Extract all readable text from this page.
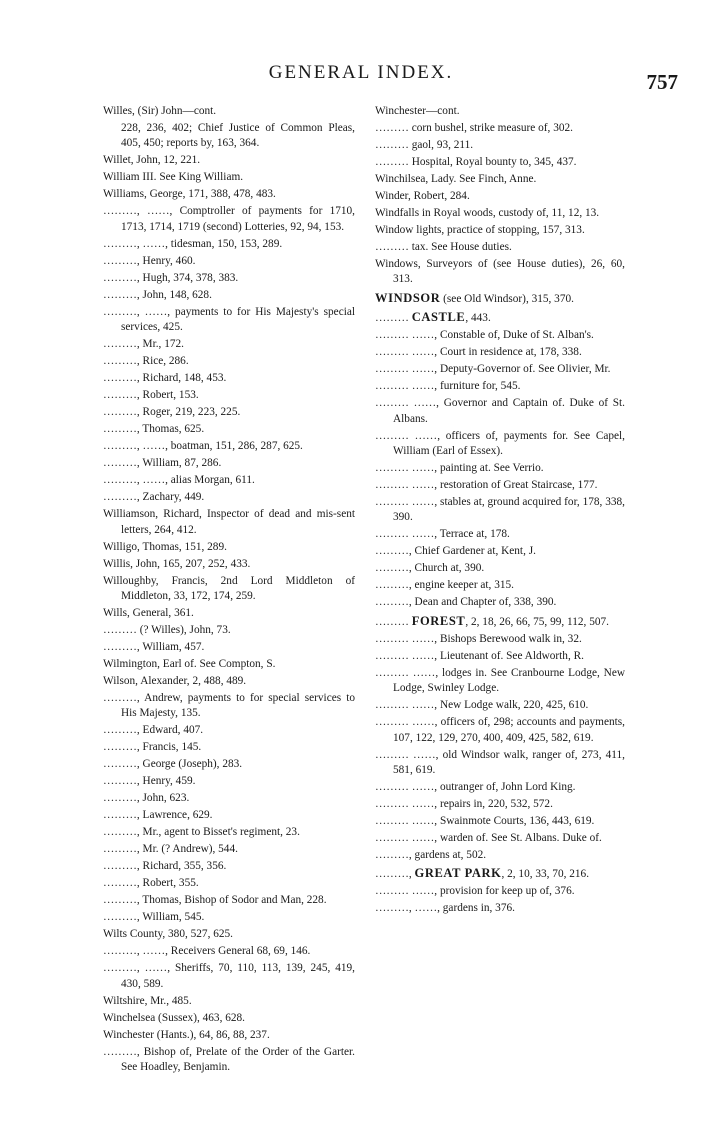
GENERAL INDEX.	757
Willes, (Sir) John—cont.
228, 236, 402; Chief Justice of Common Pleas, 405, 450; reports by, 163, 364.
Willet, John, 12, 221.
William III. See King William.
Williams, George, 171, 388, 478, 483.
………, ……, Comptroller of payments for 1710, 1713, 1714, 1719 (second) Lotteries, 92, 94, 153.
………, ……, tidesman, 150, 153, 289.
………, Henry, 460.
………, Hugh, 374, 378, 383.
………, John, 148, 628.
………, ……, payments to for His Majesty's special services, 425.
………, Mr., 172.
………, Rice, 286.
………, Richard, 148, 453.
………, Robert, 153.
………, Roger, 219, 223, 225.
………, Thomas, 625.
………, ……, boatman, 151, 286, 287, 625.
………, William, 87, 286.
………, ……, alias Morgan, 611.
………, Zachary, 449.
Williamson, Richard, Inspector of dead and mis-sent letters, 264, 412.
Willigo, Thomas, 151, 289.
Willis, John, 165, 207, 252, 433.
Willoughby, Francis, 2nd Lord Middleton of Middleton, 33, 172, 174, 259.
Wills, General, 361.
……… (? Willes), John, 73.
………, William, 457.
Wilmington, Earl of. See Compton, S.
Wilson, Alexander, 2, 488, 489.
………, Andrew, payments to for special services to His Majesty, 135.
………, Edward, 407.
………, Francis, 145.
………, George (Joseph), 283.
………, Henry, 459.
………, John, 623.
………, Lawrence, 629.
………, Mr., agent to Bisset's regiment, 23.
………, Mr. (? Andrew), 544.
………, Richard, 355, 356.
………, Robert, 355.
………, Thomas, Bishop of Sodor and Man, 228.
………, William, 545.
Wilts County, 380, 527, 625.
………, ……, Receivers General 68, 69, 146.
………, ……, Sheriffs, 70, 110, 113, 139, 245, 419, 430, 589.
Wiltshire, Mr., 485.
Winchelsea (Sussex), 463, 628.
Winchester (Hants.), 64, 86, 88, 237.
………, Bishop of, Prelate of the Order of the Garter. See Hoadley, Benjamin.
Winchester—cont.
……… corn bushel, strike measure of, 302.
……… gaol, 93, 211.
……… Hospital, Royal bounty to, 345, 437.
Winchilsea, Lady. See Finch, Anne.
Winder, Robert, 284.
Windfalls in Royal woods, custody of, 11, 12, 13.
Window lights, practice of stopping, 157, 313.
……… tax. See House duties.
Windows, Surveyors of (see House duties), 26, 60, 313.
WINDSOR (see Old Windsor), 315, 370.
……… CASTLE, 443.
……… ……, Constable of, Duke of St. Alban's.
……… ……, Court in residence at, 178, 338.
……… ……, Deputy-Governor of. See Olivier, Mr.
……… ……, furniture for, 545.
……… ……, Governor and Captain of. Duke of St. Albans.
……… ……, officers of, payments for. See Capel, William (Earl of Essex).
……… ……, painting at. See Verrio.
……… ……, restoration of Great Staircase, 177.
……… ……, stables at, ground acquired for, 178, 338, 390.
……… ……, Terrace at, 178.
………, Chief Gardener at, Kent, J.
………, Church at, 390.
………, engine keeper at, 315.
………, Dean and Chapter of, 338, 390.
……… FOREST, 2, 18, 26, 66, 75, 99, 112, 507.
……… ……, Bishops Berewood walk in, 32.
……… ……, Lieutenant of. See Aldworth, R.
……… ……, lodges in. See Cranbourne Lodge, New Lodge, Swinley Lodge.
……… ……, New Lodge walk, 220, 425, 610.
……… ……, officers of, 298; accounts and payments, 107, 122, 129, 270, 400, 409, 425, 582, 619.
……… ……, old Windsor walk, ranger of, 273, 411, 581, 619.
……… ……, outranger of, John Lord King.
……… ……, repairs in, 220, 532, 572.
……… ……, Swainmote Courts, 136, 443, 619.
……… ……, warden of. See St. Albans. Duke of.
………, gardens at, 502.
………, GREAT PARK, 2, 10, 33, 70, 216.
……… ……, provision for keep up of, 376.
………, ……, gardens in, 376.
